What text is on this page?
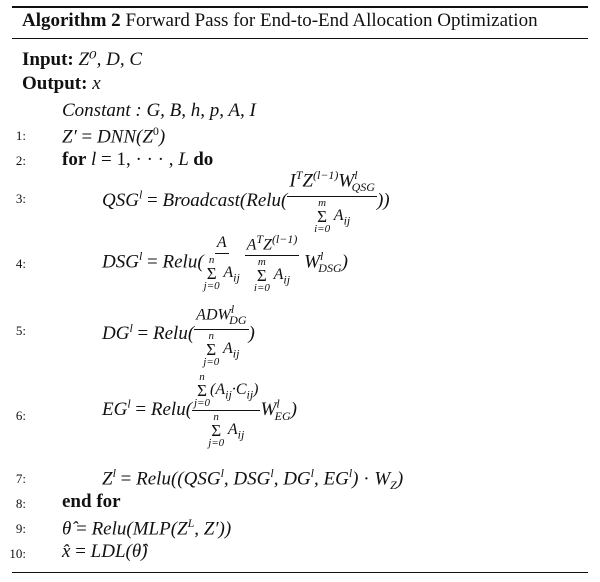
Algorithm 2 Forward Pass for End-to-End Allocation Optimization
Input: Z⁰, D, C
Output: x
Constant : G, B, h, p, A, I
1:
2:
3:
4:
5:
6:
7:
8:
9:
10:
$Z' = DNN(Z^0)$
for l = 1, · · · , L do
$QSG^l$ = Broadcast(Relu( $I^TZ^{(l-1)}W^l_{QSG}$
m
Σ
i=0
$A_{ij}$ ))
$DSG^l$ = Relu( A
n
Σ
j=0
$A_{ij}$
$A^TZ^{(l-1)}$
m
Σ
i=0
$A_{ij}$ $W^l_{DSG}$)
$DG^l$ = Relu( $ADW^l_{DG}$
n
Σ
j=0
$A_{ij}$ )
$EG^l$ = Relu( n
Σ
j=0
$(A_{ij}\cdot C_{ij})$
n
Σ
j=0
$A_{ij}$ $W^l_{EG}$)
$Z^l$ = $Relu((QSG^l$, DSG$^l$, $DG^l$, $EG^l) \cdot W_Z$)
end for
θ̂ = $Relu(MLP(Z^L$, Z′))
x̂ = LDL(θ̂)
